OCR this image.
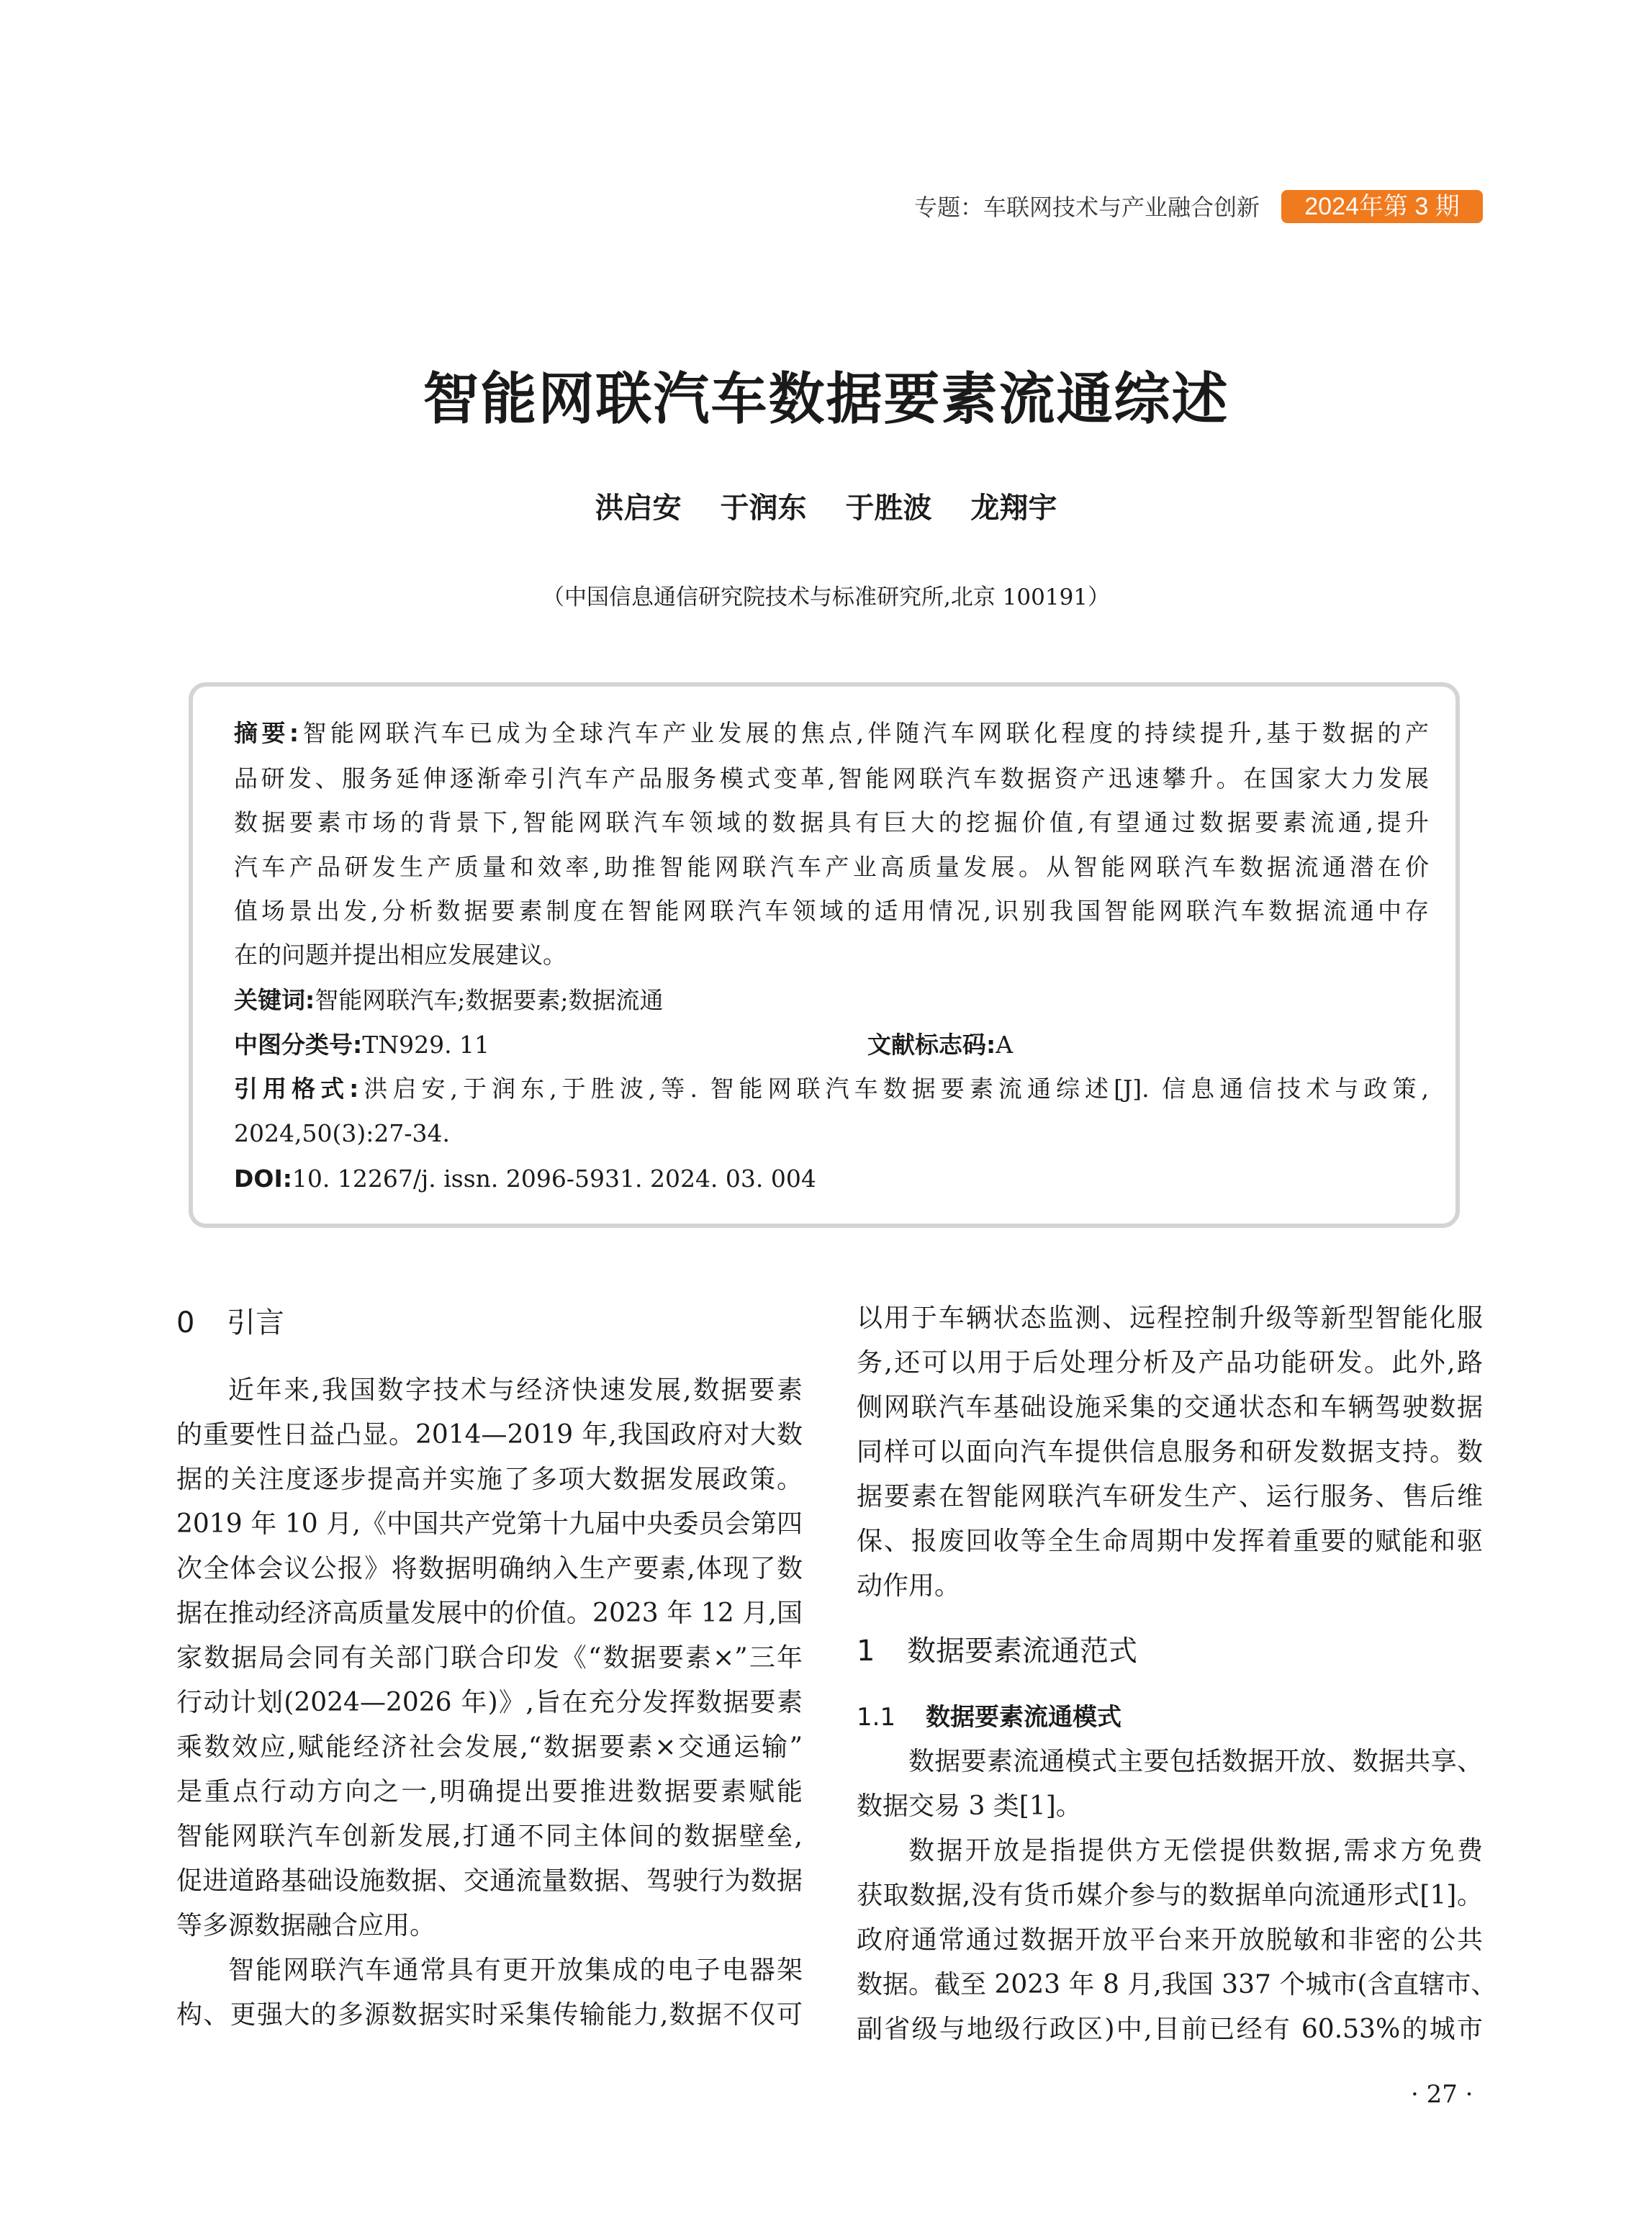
专题：车联网技术与产业融合创新	2024年第 3 期
智能网联汽车数据要素流通综述
洪启安 于润东 于胜波 龙翔宇
（中国信息通信研究院技术与标准研究所,北京 100191）
摘要:智能网联汽车已成为全球汽车产业发展的焦点,伴随汽车网联化程度的持续提升,基于数据的产
品研发、服务延伸逐渐牵引汽车产品服务模式变革,智能网联汽车数据资产迅速攀升。在国家大力发展
数据要素市场的背景下,智能网联汽车领域的数据具有巨大的挖掘价值,有望通过数据要素流通,提升
汽车产品研发生产质量和效率,助推智能网联汽车产业高质量发展。从智能网联汽车数据流通潜在价
值场景出发,分析数据要素制度在智能网联汽车领域的适用情况,识别我国智能网联汽车数据流通中存
在的问题并提出相应发展建议。
关键词:智能网联汽车;数据要素;数据流通
中图分类号:TN929. 11	文献标志码:A
引用格式:洪启安,于润东,于胜波,等. 智能网联汽车数据要素流通综述[J]. 信息通信技术与政策,
2024,50(3):27-34.
DOI:10. 12267/j. issn. 2096-5931. 2024. 03. 004
0 引言
近年来,我国数字技术与经济快速发展,数据要素
的重要性日益凸显。2014—2019 年,我国政府对大数
据的关注度逐步提高并实施了多项大数据发展政策。
2019 年 10 月,《中国共产党第十九届中央委员会第四
次全体会议公报》将数据明确纳入生产要素,体现了数
据在推动经济高质量发展中的价值。2023 年 12 月,国
家数据局会同有关部门联合印发《“数据要素×”三年
行动计划(2024—2026 年)》,旨在充分发挥数据要素
乘数效应,赋能经济社会发展,“数据要素×交通运输”
是重点行动方向之一,明确提出要推进数据要素赋能
智能网联汽车创新发展,打通不同主体间的数据壁垒,
促进道路基础设施数据、交通流量数据、驾驶行为数据
等多源数据融合应用。
智能网联汽车通常具有更开放集成的电子电器架
构、更强大的多源数据实时采集传输能力,数据不仅可
以用于车辆状态监测、远程控制升级等新型智能化服
务,还可以用于后处理分析及产品功能研发。此外,路
侧网联汽车基础设施采集的交通状态和车辆驾驶数据
同样可以面向汽车提供信息服务和研发数据支持。数
据要素在智能网联汽车研发生产、运行服务、售后维
保、报废回收等全生命周期中发挥着重要的赋能和驱
动作用。
1 数据要素流通范式
1.1 数据要素流通模式
数据要素流通模式主要包括数据开放、数据共享、
数据交易 3 类[1]。
数据开放是指提供方无偿提供数据,需求方免费
获取数据,没有货币媒介参与的数据单向流通形式[1]。
政府通常通过数据开放平台来开放脱敏和非密的公共
数据。截至 2023 年 8 月,我国 337 个城市(含直辖市、
副省级与地级行政区)中,目前已经有 60.53%的城市
· 27 ·
